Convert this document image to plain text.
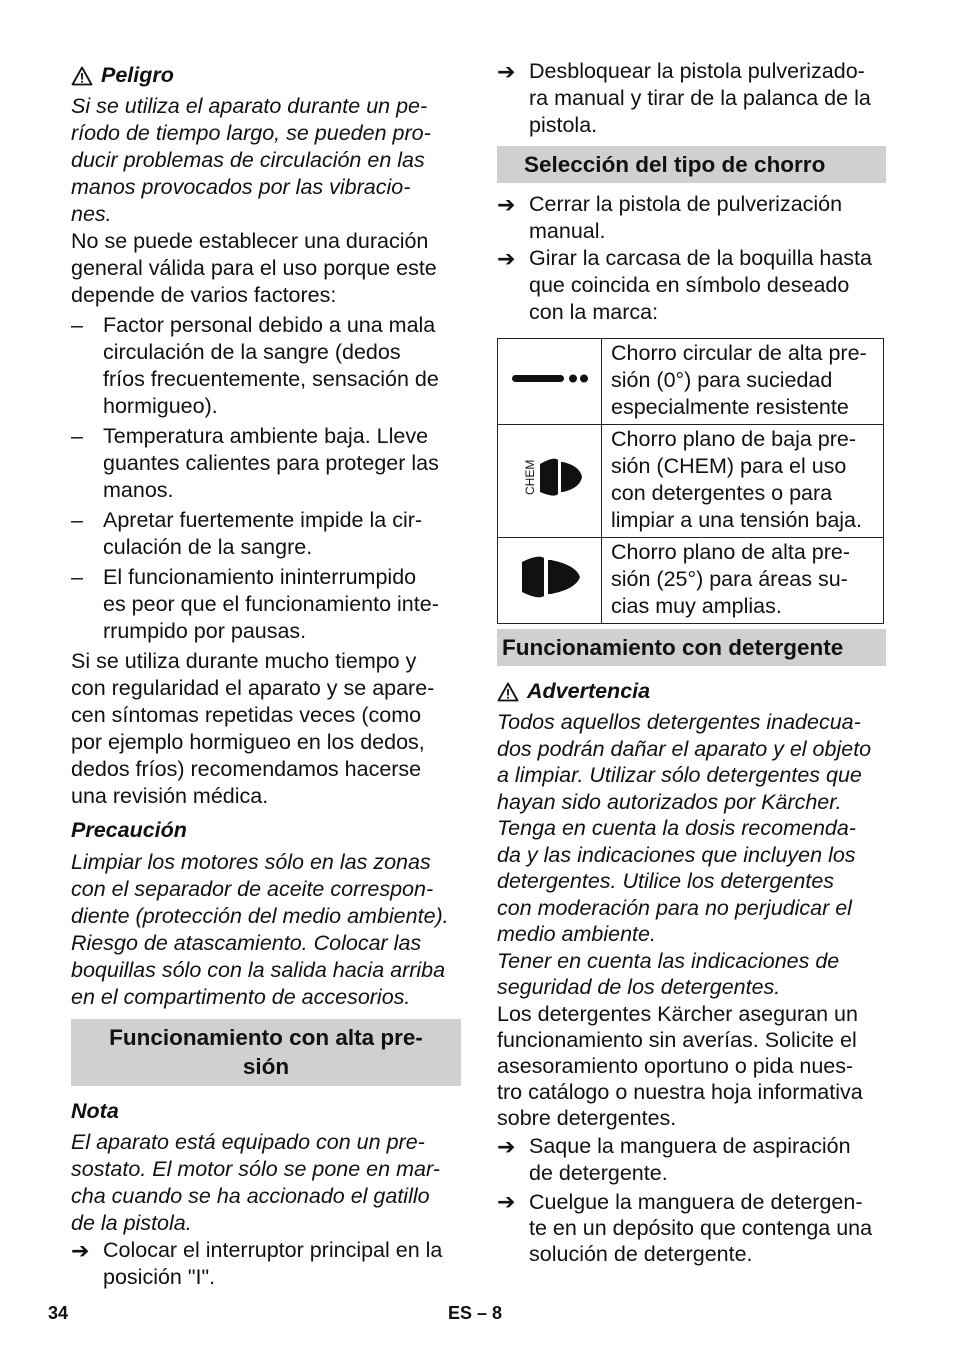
Peligro

Si se utiliza el aparato durante un pe-
ríodo de tiempo largo, se pueden pro-
ducir problemas de circulación en las
manos provocados por las vibracio-
nes.

No se puede establecer una duración
general válida para el uso porque este
depende de varios factores:

– Factor personal debido a una mala
circulación de la sangre (dedos
fríos frecuentemente, sensación de
hormigueo).
– Temperatura ambiente baja. Lleve
guantes calientes para proteger las
manos.
– Apretar fuertemente impide la cir-
culación de la sangre.
– El funcionamiento ininterrumpido
es peor que el funcionamiento inte-
rrumpido por pausas.

Si se utiliza durante mucho tiempo y
con regularidad el aparato y se apare-
cen síntomas repetidas veces (como
por ejemplo hormigueo en los dedos,
dedos fríos) recomendamos hacerse
una revisión médica.

Precaución

Limpiar los motores sólo en las zonas
con el separador de aceite correspon-
diente (protección del medio ambiente).
Riesgo de atascamiento. Colocar las
boquillas sólo con la salida hacia arriba
en el compartimento de accesorios.

Funcionamiento con alta pre-
sión

Nota

El aparato está equipado con un pre-
sostato. El motor sólo se pone en mar-
cha cuando se ha accionado el gatillo
de la pistola.

➔ Colocar el interruptor principal en la
posición "I".
➔ Desbloquear la pistola pulverizado-
ra manual y tirar de la palanca de la
pistola.
Selección del tipo de chorro
➔ Cerrar la pistola de pulverización
manual.
➔ Girar la carcasa de la boquilla hasta
que coincida en símbolo deseado
con la marca:
	Chorro circular de alta pre-
sión (0°) para suciedad
especialmente resistente

CHEM	Chorro plano de baja pre-
sión (CHEM) para el uso
con detergentes o para
limpiar a una tensión baja.
	Chorro plano de alta pre-
sión (25°) para áreas su-
cias muy amplias.
Funcionamiento con detergente
Advertencia

Todos aquellos detergentes inadecua-
dos podrán dañar el aparato y el objeto
a limpiar. Utilizar sólo detergentes que
hayan sido autorizados por Kärcher.
Tenga en cuenta la dosis recomenda-
da y las indicaciones que incluyen los
detergentes. Utilice los detergentes
con moderación para no perjudicar el
medio ambiente.
Tener en cuenta las indicaciones de
seguridad de los detergentes.

Los detergentes Kärcher aseguran un
funcionamiento sin averías. Solicite el
asesoramiento oportuno o pida nues-
tro catálogo o nuestra hoja informativa
sobre detergentes.

➔ Saque la manguera de aspiración
de detergente.
➔ Cuelgue la manguera de detergen-
te en un depósito que contenga una
solución de detergente.
34	ES – 8
